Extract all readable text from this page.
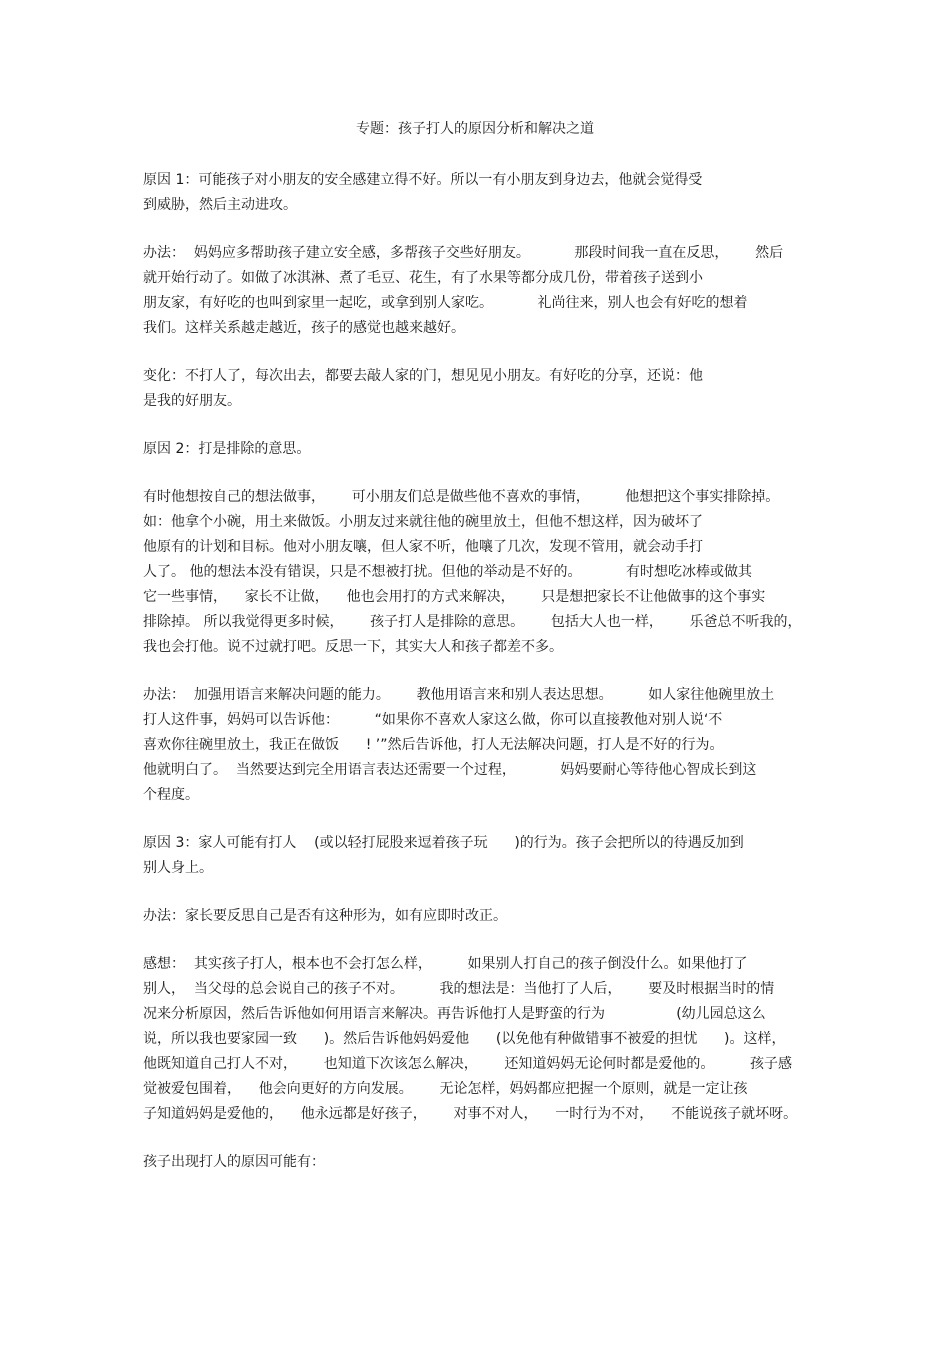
专题：孩子打人的原因分析和解决之道
原因 1：可能孩子对小朋友的安全感建立得不好。所以一有小朋友到身边去，他就会觉得受
到威胁，然后主动进攻。
办法：  妈妈应多帮助孩子建立安全感，多帮孩子交些好朋友。          那段时间我一直在反思，      然后
就开始行动了。如做了冰淇淋、煮了毛豆、花生，有了水果等都分成几份，带着孩子送到小
朋友家，有好吃的也叫到家里一起吃，或拿到别人家吃。          礼尚往来，别人也会有好吃的想着
我们。这样关系越走越近，孩子的感觉也越来越好。
变化：不打人了，每次出去，都要去敲人家的门，想见见小朋友。有好吃的分享，还说：他
是我的好朋友。
原因 2：打是排除的意思。
有时他想按自己的想法做事，      可小朋友们总是做些他不喜欢的事情，        他想把这个事实排除掉。
如：他拿个小碗，用土来做饭。小朋友过来就往他的碗里放土，但他不想这样，因为破坏了
他原有的计划和目标。他对小朋友嚷，但人家不听，他嚷了几次，发现不管用，就会动手打
人了。 他的想法本没有错误，只是不想被打扰。但他的举动是不好的。          有时想吃冰棒或做其
它一些事情，    家长不让做，    他也会用打的方式来解决，      只是想把家长不让他做事的这个事实
排除掉。 所以我觉得更多时候，      孩子打人是排除的意思。      包括大人也一样，      乐爸总不听我的，
我也会打他。说不过就打吧。反思一下，其实大人和孩子都差不多。
办法：  加强用语言来解决问题的能力。      教他用语言来和别人表达思想。        如人家往他碗里放土
打人这件事，妈妈可以告诉他：        “如果你不喜欢人家这么做，你可以直接教他对别人说‘不
喜欢你往碗里放土，我正在做饭      ! ’”然后告诉他，打人无法解决问题，打人是不好的行为。
他就明白了。  当然要达到完全用语言表达还需要一个过程，          妈妈要耐心等待他心智成长到这
个程度。
原因 3：家人可能有打人    (或以轻打屁股来逗着孩子玩      )的行为。孩子会把所以的待遇反加到
别人身上。
办法：家长要反思自己是否有这种形为，如有应即时改正。
感想：  其实孩子打人，根本也不会打怎么样，        如果别人打自己的孩子倒没什么。如果他打了
别人，  当父母的总会说自己的孩子不对。        我的想法是：当他打了人后，      要及时根据当时的情
况来分析原因，然后告诉他如何用语言来解决。再告诉他打人是野蛮的行为                (幼儿园总这么
说，所以我也要家园一致      )。然后告诉他妈妈爱他      (以免他有种做错事不被爱的担忧      )。这样，
他既知道自己打人不对，      也知道下次该怎么解决，      还知道妈妈无论何时都是爱他的。        孩子感
觉被爱包围着，    他会向更好的方向发展。      无论怎样，妈妈都应把握一个原则，就是一定让孩
子知道妈妈是爱他的，    他永远都是好孩子，      对事不对人，    一时行为不对，    不能说孩子就坏呀。
孩子出现打人的原因可能有：
